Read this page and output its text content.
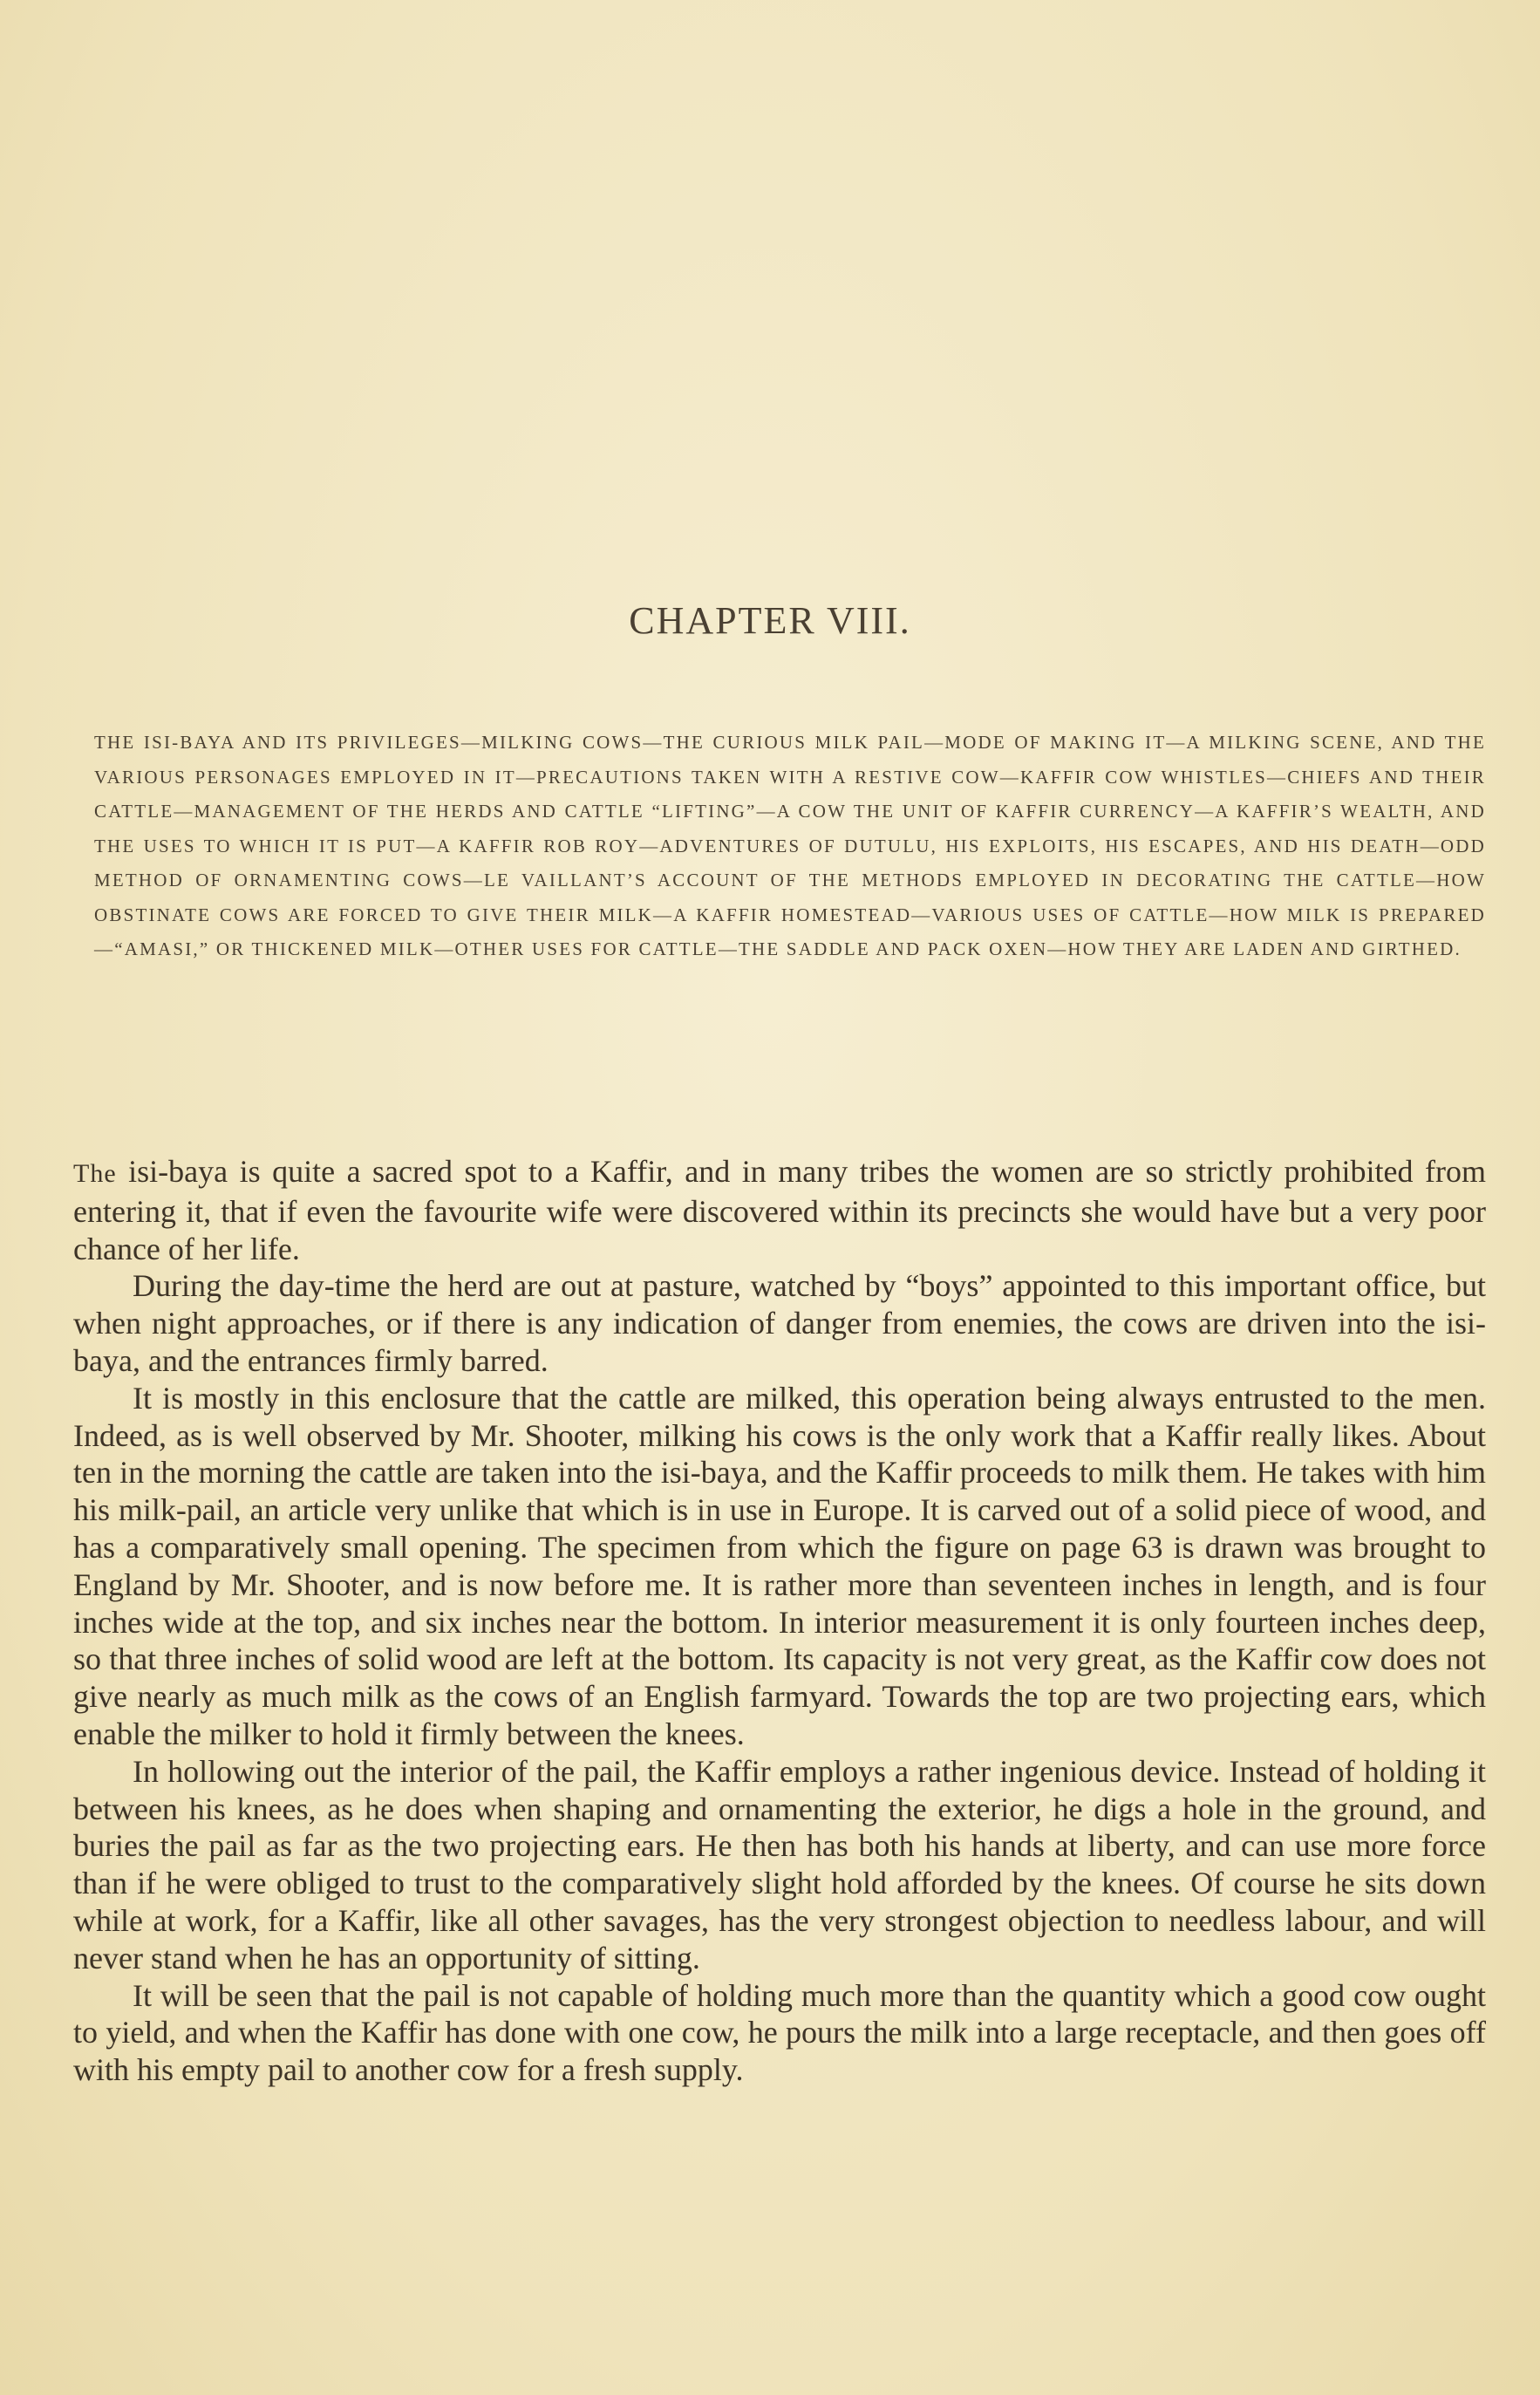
CHAPTER VIII.
THE ISI-BAYA AND ITS PRIVILEGES—MILKING COWS—THE CURIOUS MILK PAIL—MODE OF MAKING IT—A MILKING SCENE, AND THE VARIOUS PERSONAGES EMPLOYED IN IT—PRECAUTIONS TAKEN WITH A RESTIVE COW—KAFFIR COW WHISTLES—CHIEFS AND THEIR CATTLE—MANAGEMENT OF THE HERDS AND CATTLE “LIFTING”—A COW THE UNIT OF KAFFIR CURRENCY—A KAFFIR’S WEALTH, AND THE USES TO WHICH IT IS PUT—A KAFFIR ROB ROY—ADVENTURES OF DUTULU, HIS EXPLOITS, HIS ESCAPES, AND HIS DEATH—ODD METHOD OF ORNAMENTING COWS—LE VAILLANT’S ACCOUNT OF THE METHODS EMPLOYED IN DECORATING THE CATTLE—HOW OBSTINATE COWS ARE FORCED TO GIVE THEIR MILK—A KAFFIR HOMESTEAD—VARIOUS USES OF CATTLE—HOW MILK IS PREPARED—“AMASI,” OR THICKENED MILK—OTHER USES FOR CATTLE—THE SADDLE AND PACK OXEN—HOW THEY ARE LADEN AND GIRTHED.

The isi-baya is quite a sacred spot to a Kaffir, and in many tribes the women are so strictly prohibited from entering it, that if even the favourite wife were discovered within its precincts she would have but a very poor chance of her life.

During the day-time the herd are out at pasture, watched by “boys” appointed to this important office, but when night approaches, or if there is any indication of danger from enemies, the cows are driven into the isi-baya, and the entrances firmly barred.

It is mostly in this enclosure that the cattle are milked, this operation being always entrusted to the men. Indeed, as is well observed by Mr. Shooter, milking his cows is the only work that a Kaffir really likes. About ten in the morning the cattle are taken into the isi-baya, and the Kaffir proceeds to milk them. He takes with him his milk-pail, an article very unlike that which is in use in Europe. It is carved out of a solid piece of wood, and has a comparatively small opening. The specimen from which the figure on page 63 is drawn was brought to England by Mr. Shooter, and is now before me. It is rather more than seventeen inches in length, and is four inches wide at the top, and six inches near the bottom. In interior measurement it is only fourteen inches deep, so that three inches of solid wood are left at the bottom. Its capacity is not very great, as the Kaffir cow does not give nearly as much milk as the cows of an English farmyard. Towards the top are two projecting ears, which enable the milker to hold it firmly between the knees.

In hollowing out the interior of the pail, the Kaffir employs a rather ingenious device. Instead of holding it between his knees, as he does when shaping and ornamenting the exterior, he digs a hole in the ground, and buries the pail as far as the two projecting ears. He then has both his hands at liberty, and can use more force than if he were obliged to trust to the comparatively slight hold afforded by the knees. Of course he sits down while at work, for a Kaffir, like all other savages, has the very strongest objection to needless labour, and will never stand when he has an opportunity of sitting.

It will be seen that the pail is not capable of holding much more than the quantity which a good cow ought to yield, and when the Kaffir has done with one cow, he pours the milk into a large receptacle, and then goes off with his empty pail to another cow for a fresh supply.
